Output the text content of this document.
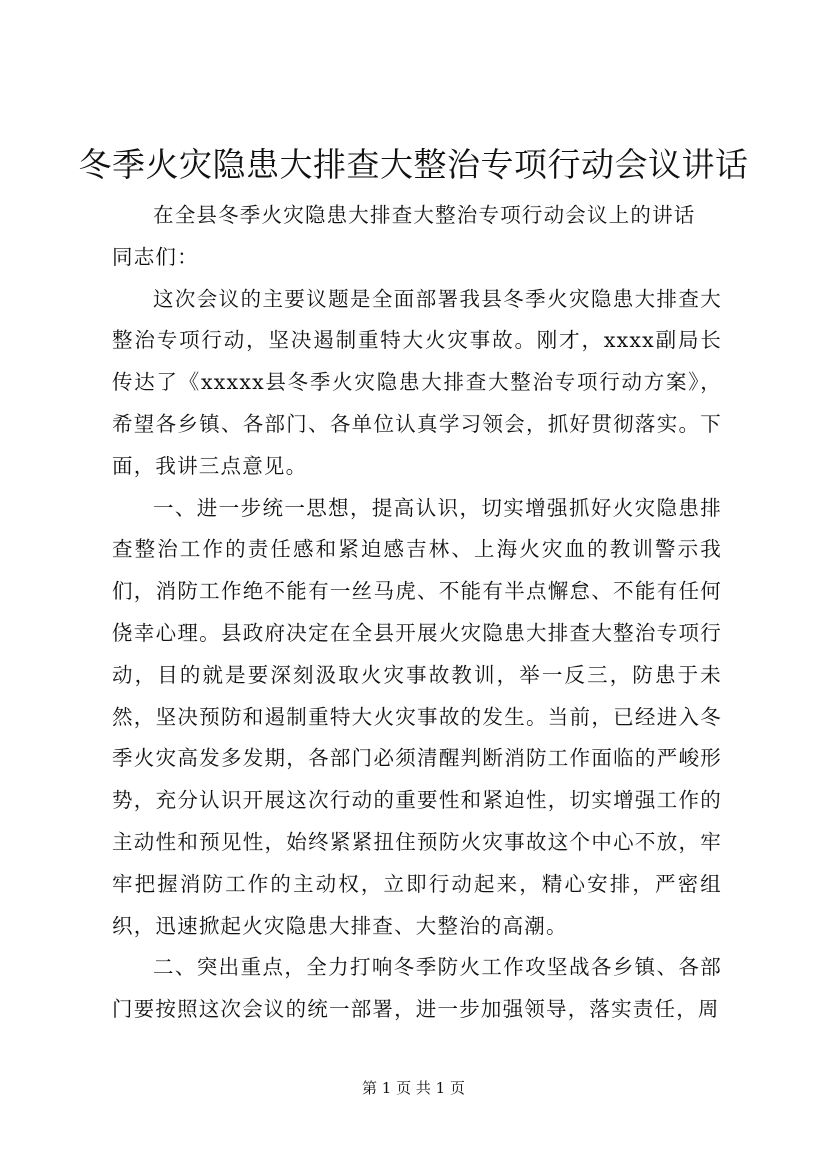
冬季火灾隐患大排查大整治专项行动会议讲话

在全县冬季火灾隐患大排查大整治专项行动会议上的讲话

同志们：

这次会议的主要议题是全面部署我县冬季火灾隐患大排查大整治专项行动，坚决遏制重特大火灾事故。刚才，xxxx副局长传达了《xxxxx县冬季火灾隐患大排查大整治专项行动方案》，希望各乡镇、各部门、各单位认真学习领会，抓好贯彻落实。下面，我讲三点意见。

一、进一步统一思想，提高认识，切实增强抓好火灾隐患排查整治工作的责任感和紧迫感吉林、上海火灾血的教训警示我们，消防工作绝不能有一丝马虎、不能有半点懈怠、不能有任何侥幸心理。县政府决定在全县开展火灾隐患大排查大整治专项行动，目的就是要深刻汲取火灾事故教训，举一反三，防患于未然，坚决预防和遏制重特大火灾事故的发生。当前，已经进入冬季火灾高发多发期，各部门必须清醒判断消防工作面临的严峻形势，充分认识开展这次行动的重要性和紧迫性，切实增强工作的主动性和预见性，始终紧紧扭住预防火灾事故这个中心不放，牢牢把握消防工作的主动权，立即行动起来，精心安排，严密组织，迅速掀起火灾隐患大排查、大整治的高潮。

二、突出重点，全力打响冬季防火工作攻坚战各乡镇、各部门要按照这次会议的统一部署，进一步加强领导，落实责任，周

第 1 页 共 1 页
